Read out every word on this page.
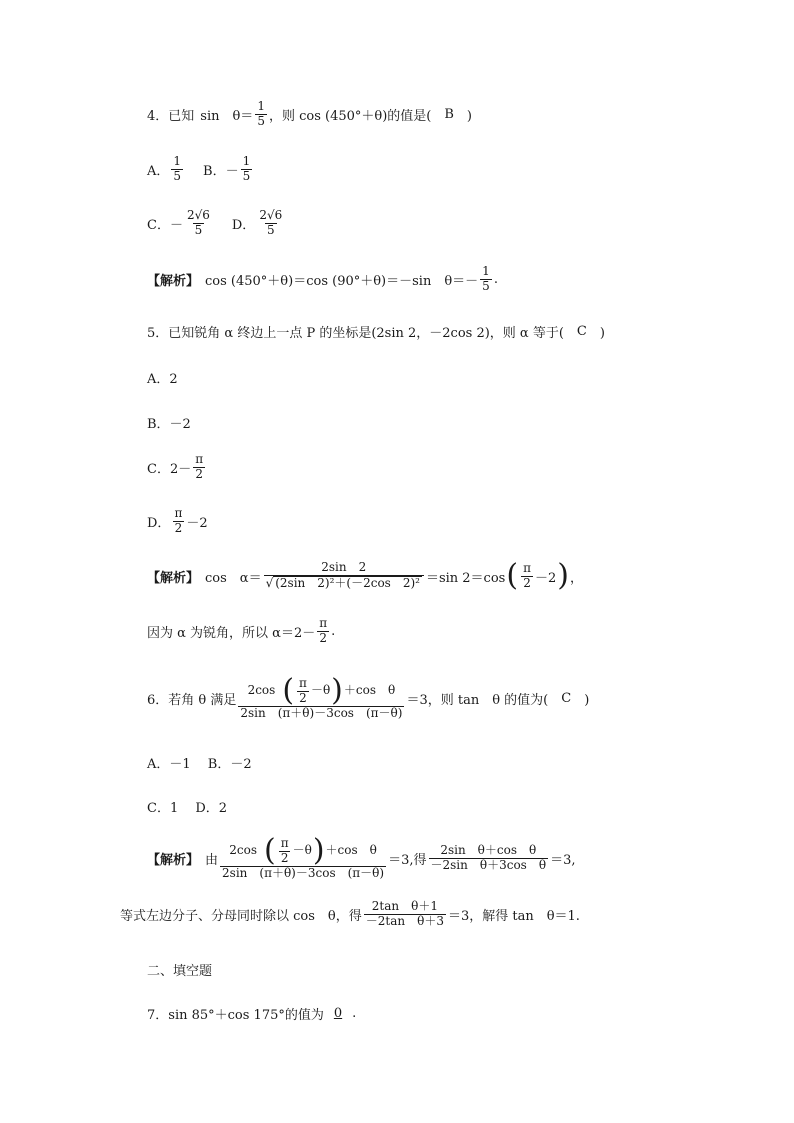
4．已知 sin　$\theta= \frac{1}{5}$ ，则 cos (450°＋θ)的值是(　 B 　)
A． $\frac{1}{5}$ B．－ $\frac{1}{5}$
C．－ $\frac{2√6}{5}$ D． $\frac{2√6}{5}$
【解析】 cos (450°＋θ)＝cos (90°＋θ)＝－sin　$\theta=- \frac{1}{5}$ .
5．已知锐角 α 终边上一点 P 的坐标是(2sin 2，－2cos 2)，则 α 等于(　 C 　)
A．2
B．－2
C．$2- \frac{\pi}{2}$
D． $\frac{\pi}{2} -2$
【解析】 cos　$\alpha= \frac{2\sin 2}{\text{√ (2sin　2)²＋(－2cos　2)²}} =\sin$ 2＝cos ( $\frac{\pi}{2} -2$ ) ，
因为 α 为锐角，所以 $\alpha=2- \frac{\pi}{2}$ .
6．若角 θ 满足
2cos ( $\frac{\pi}{2} -\theta$ ) ＋cos　θ
2sin　(π＋θ)－3cos　(π－θ)
＝3，则 tan　θ 的值为(　 C 　)
A．－1　 B．－2
C．1　 D．2
【解析】 由
2cos ( $\frac{\pi}{2} -\theta$ ) ＋cos　θ
2sin　(π＋θ)－3cos　(π－θ)
＝3,得 $\frac{\text{2sin　θ＋cos　θ}}{\text{－2sin　θ＋3cos　θ}} =3$,
等式左边分子、分母同时除以 cos　θ，得 $\frac{\text{2tan　θ＋1}}{\text{－2tan　θ＋3}} =3$，解得 tan　θ＝1.
二、填空题
7．sin 85°＋cos 175°的值为 0 .
